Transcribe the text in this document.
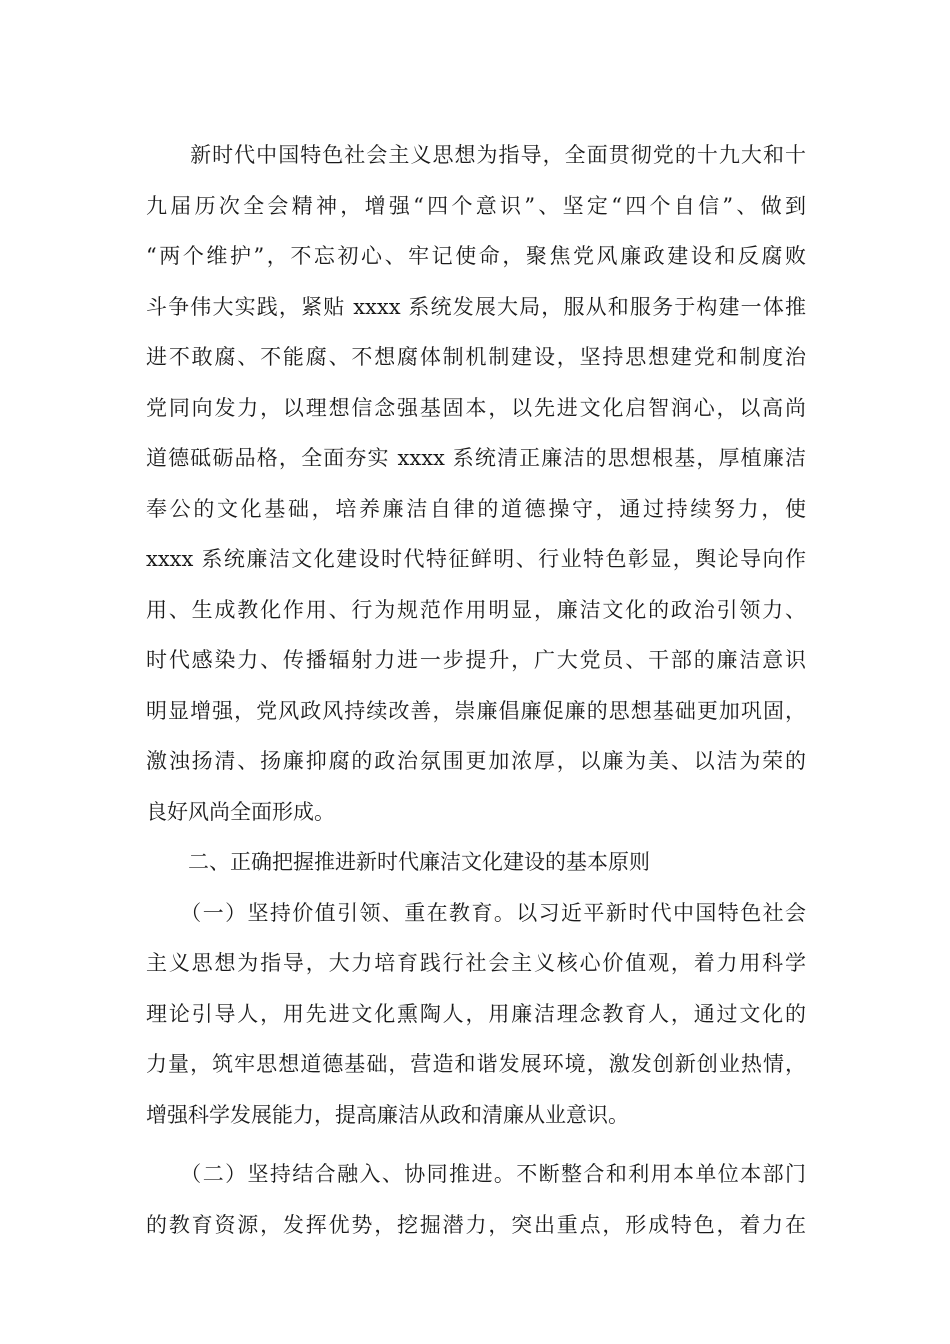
　　新时代中国特色社会主义思想为指导，全面贯彻党的十九大和十
九届历次全会精神，增强“四个意识”、坚定“四个自信”、做到
“两个维护”，不忘初心、牢记使命，聚焦党风廉政建设和反腐败
斗争伟大实践，紧贴 xxxx 系统发展大局，服从和服务于构建一体推
进不敢腐、不能腐、不想腐体制机制建设，坚持思想建党和制度治
党同向发力，以理想信念强基固本，以先进文化启智润心，以高尚
道德砥砺品格，全面夯实 xxxx 系统清正廉洁的思想根基，厚植廉洁
奉公的文化基础，培养廉洁自律的道德操守，通过持续努力，使
xxxx 系统廉洁文化建设时代特征鲜明、行业特色彰显，舆论导向作
用、生成教化作用、行为规范作用明显，廉洁文化的政治引领力、
时代感染力、传播辐射力进一步提升，广大党员、干部的廉洁意识
明显增强，党风政风持续改善，崇廉倡廉促廉的思想基础更加巩固，
激浊扬清、扬廉抑腐的政治氛围更加浓厚，以廉为美、以洁为荣的
良好风尚全面形成。
　　二、正确把握推进新时代廉洁文化建设的基本原则
　　（一）坚持价值引领、重在教育。以习近平新时代中国特色社会
主义思想为指导，大力培育践行社会主义核心价值观，着力用科学
理论引导人，用先进文化熏陶人，用廉洁理念教育人，通过文化的
力量，筑牢思想道德基础，营造和谐发展环境，激发创新创业热情，
增强科学发展能力，提高廉洁从政和清廉从业意识。
　　（二）坚持结合融入、协同推进。不断整合和利用本单位本部门
的教育资源，发挥优势，挖掘潜力，突出重点，形成特色，着力在
